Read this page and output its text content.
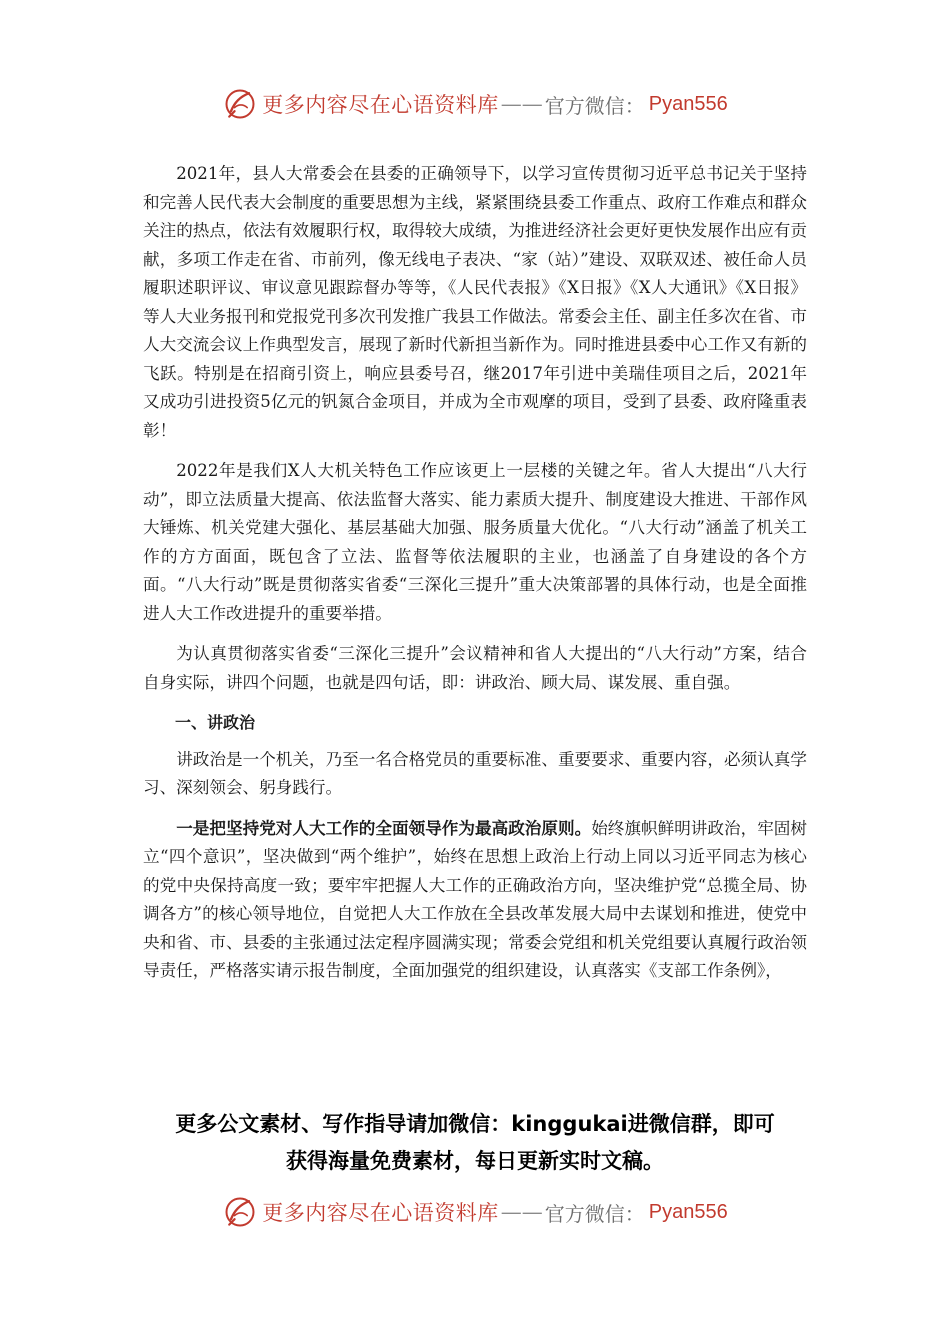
更多内容尽在心语资料库 —— 官方微信： Pyan556

2021年，县人大常委会在县委的正确领导下，以学习宣传贯彻习近平总书记关于坚持和完善人民代表大会制度的重要思想为主线，紧紧围绕县委工作重点、政府工作难点和群众关注的热点，依法有效履职行权，取得较大成绩，为推进经济社会更好更快发展作出应有贡献，多项工作走在省、市前列，像无线电子表决、“家（站）”建设、双联双述、被任命人员履职述职评议、审议意见跟踪督办等等，《人民代表报》《X日报》《X人大通讯》《X日报》等人大业务报刊和党报党刊多次刊发推广我县工作做法。常委会主任、副主任多次在省、市人大交流会议上作典型发言，展现了新时代新担当新作为。同时推进县委中心工作又有新的飞跃。特别是在招商引资上，响应县委号召，继2017年引进中美瑞佳项目之后，2021年又成功引进投资5亿元的钒氮合金项目，并成为全市观摩的项目，受到了县委、政府隆重表彰！

2022年是我们X人大机关特色工作应该更上一层楼的关键之年。省人大提出“八大行动”，即立法质量大提高、依法监督大落实、能力素质大提升、制度建设大推进、干部作风大锤炼、机关党建大强化、基层基础大加强、服务质量大优化。“八大行动”涵盖了机关工作的方方面面，既包含了立法、监督等依法履职的主业，也涵盖了自身建设的各个方面。“八大行动”既是贯彻落实省委“三深化三提升”重大决策部署的具体行动，也是全面推进人大工作改进提升的重要举措。

为认真贯彻落实省委“三深化三提升”会议精神和省人大提出的“八大行动”方案，结合自身实际，讲四个问题，也就是四句话，即：讲政治、顾大局、谋发展、重自强。

一、讲政治

讲政治是一个机关，乃至一名合格党员的重要标准、重要要求、重要内容，必须认真学习、深刻领会、躬身践行。

一是把坚持党对人大工作的全面领导作为最高政治原则。始终旗帜鲜明讲政治，牢固树立“四个意识”，坚决做到“两个维护”，始终在思想上政治上行动上同以习近平同志为核心的党中央保持高度一致；要牢牢把握人大工作的正确政治方向，坚决维护党“总揽全局、协调各方”的核心领导地位，自觉把人大工作放在全县改革发展大局中去谋划和推进，使党中央和省、市、县委的主张通过法定程序圆满实现；常委会党组和机关党组要认真履行政治领导责任，严格落实请示报告制度，全面加强党的组织建设，认真落实《支部工作条例》，

更多公文素材、写作指导请加微信：kinggukai进微信群，即可
获得海量免费素材，每日更新实时文稿。
更多内容尽在心语资料库 —— 官方微信： Pyan556
